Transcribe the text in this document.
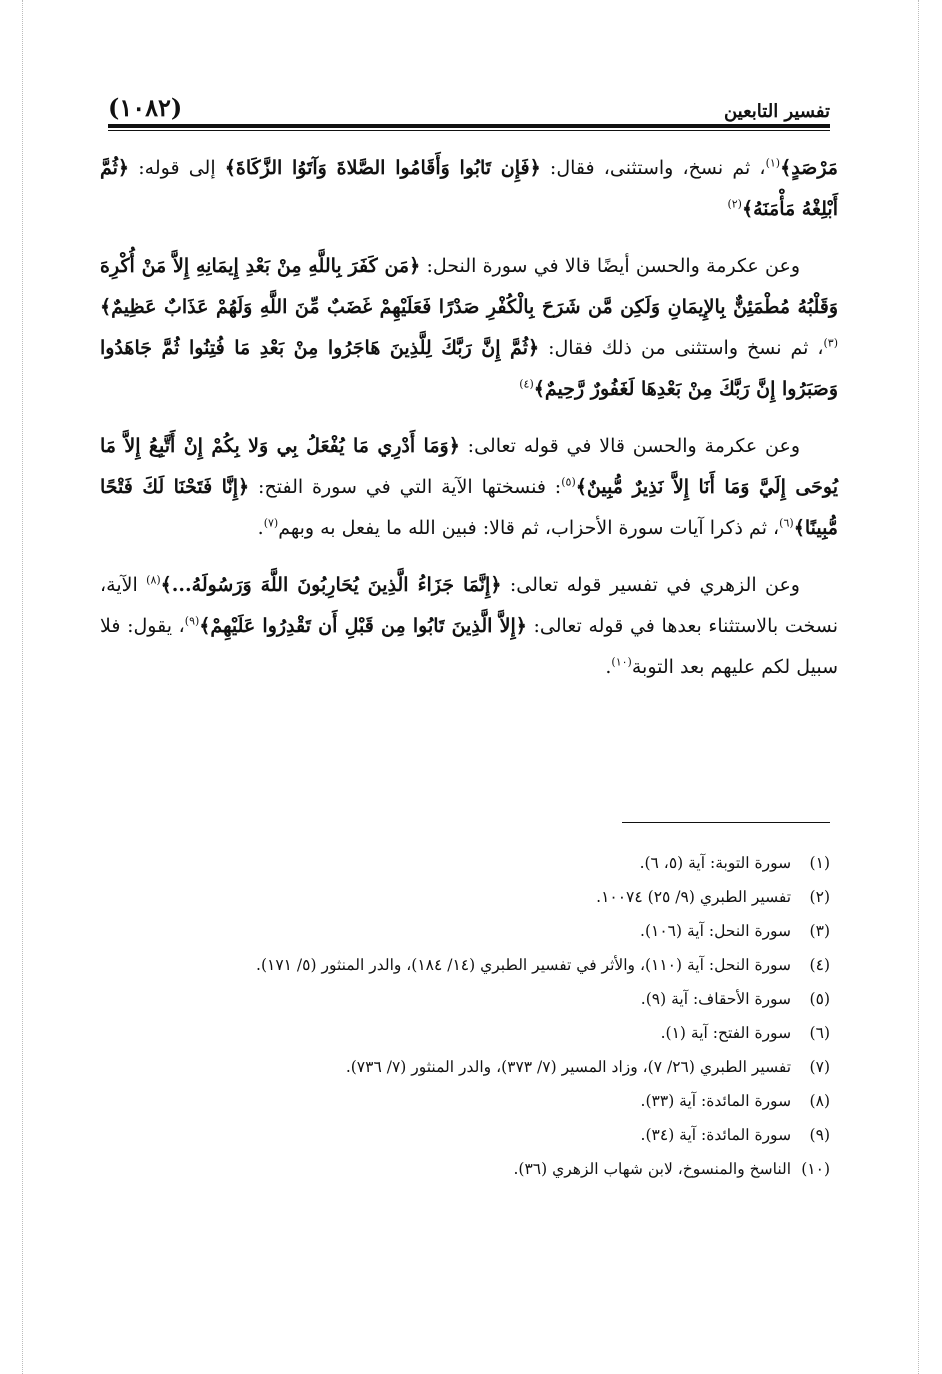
تفسير التابعين
(١٠٨٢)

مَرْصَدٍ﴾$^{(١)}$، ثم نسخ، واستثنى، فقال: ﴿فَإِن تَابُوا وَأَقَامُوا الصَّلاةَ وَآتَوُا الزَّكَاةَ﴾ إلى قوله: ﴿ثُمَّ أَبْلِغْهُ مَأْمَنَهُ﴾$^{(٢)}$

وعن عكرمة والحسن أيضًا قالا في سورة النحل: ﴿مَن كَفَرَ بِاللَّهِ مِنْ بَعْدِ إِيمَانِهِ إِلاَّ مَنْ أُكْرِهَ وَقَلْبُهُ مُطْمَئِنٌّ بِالإِيمَانِ وَلَكِن مَّن شَرَحَ بِالْكُفْرِ صَدْرًا فَعَلَيْهِمْ غَضَبٌ مِّنَ اللَّهِ وَلَهُمْ عَذَابٌ عَظِيمٌ﴾$^{(٣)}$، ثم نسخ واستثنى من ذلك فقال: ﴿ثُمَّ إِنَّ رَبَّكَ لِلَّذِينَ هَاجَرُوا مِنْ بَعْدِ مَا فُتِنُوا ثُمَّ جَاهَدُوا وَصَبَرُوا إِنَّ رَبَّكَ مِنْ بَعْدِهَا لَغَفُورٌ رَّحِيمٌ﴾$^{(٤)}$

وعن عكرمة والحسن قالا في قوله تعالى: ﴿وَمَا أَدْرِي مَا يُفْعَلُ بِي وَلا بِكُمْ إِنْ أَتَّبِعُ إِلاَّ مَا يُوحَى إِلَيَّ وَمَا أَنَا إِلاَّ نَذِيرٌ مُّبِينٌ﴾$^{(٥)}$: فنسختها الآية التي في سورة الفتح: ﴿إِنَّا فَتَحْنَا لَكَ فَتْحًا مُّبِينًا﴾$^{(٦)}$، ثم ذكرا آيات سورة الأحزاب، ثم قالا: فبين الله ما يفعل به وبهم$^{(٧)}$.

وعن الزهري في تفسير قوله تعالى: ﴿إِنَّمَا جَزَاءُ الَّذِينَ يُحَارِبُونَ اللَّهَ وَرَسُولَهُ...﴾$^{(٨)}$ الآية، نسخت بالاستثناء بعدها في قوله تعالى: ﴿إِلاَّ الَّذِينَ تَابُوا مِن قَبْلِ أَن تَقْدِرُوا عَلَيْهِمْ﴾$^{(٩)}$، يقول: فلا سبيل لكم عليهم بعد التوبة$^{(١٠)}$.

(١) سورة التوبة: آية (٥، ٦).
(٢) تفسير الطبري (٩/ ٢٥) ١٠٠٧٤.
(٣) سورة النحل: آية (١٠٦).
(٤) سورة النحل: آية (١١٠)، والأثر في تفسير الطبري (١٤/ ١٨٤)، والدر المنثور (٥/ ١٧١).
(٥) سورة الأحقاف: آية (٩).
(٦) سورة الفتح: آية (١).
(٧) تفسير الطبري (٢٦/ ٧)، وزاد المسير (٧/ ٣٧٣)، والدر المنثور (٧/ ٧٣٦).
(٨) سورة المائدة: آية (٣٣).
(٩) سورة المائدة: آية (٣٤).
(١٠) الناسخ والمنسوخ، لابن شهاب الزهري (٣٦).
